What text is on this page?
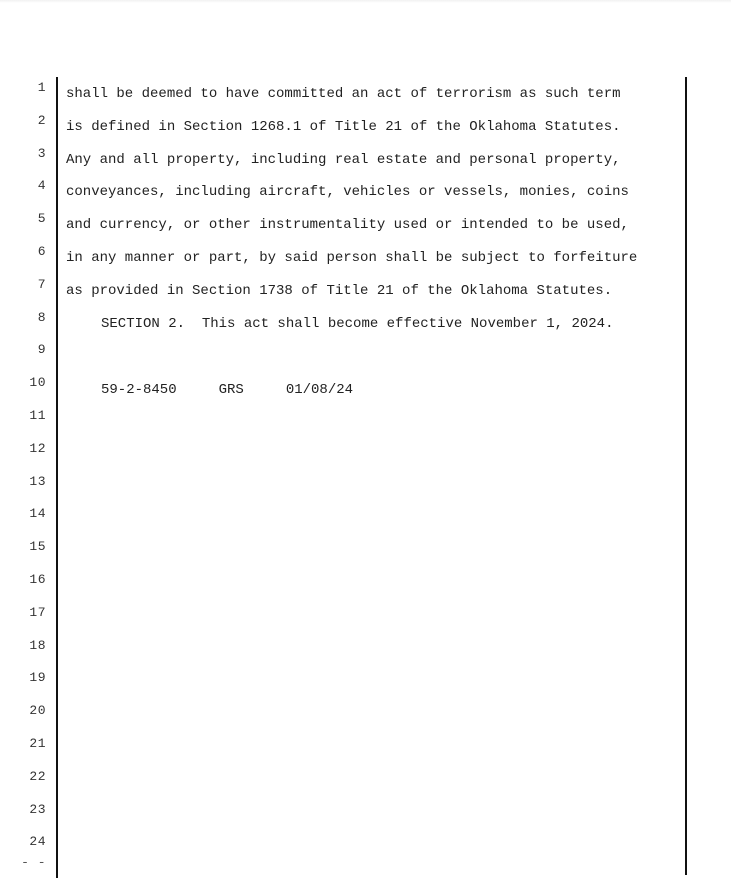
1
2
3
4
5
6
7
8
9
10
11
12
13
14
15
16
17
18
19
20
21
22
23
24
- -
shall be deemed to have committed an act of terrorism as such term
is defined in Section 1268.1 of Title 21 of the Oklahoma Statutes.
Any and all property, including real estate and personal property,
conveyances, including aircraft, vehicles or vessels, monies, coins
and currency, or other instrumentality used or intended to be used,
in any manner or part, by said person shall be subject to forfeiture
as provided in Section 1738 of Title 21 of the Oklahoma Statutes.
SECTION 2.  This act shall become effective November 1, 2024.
59-2-8450     GRS     01/08/24
